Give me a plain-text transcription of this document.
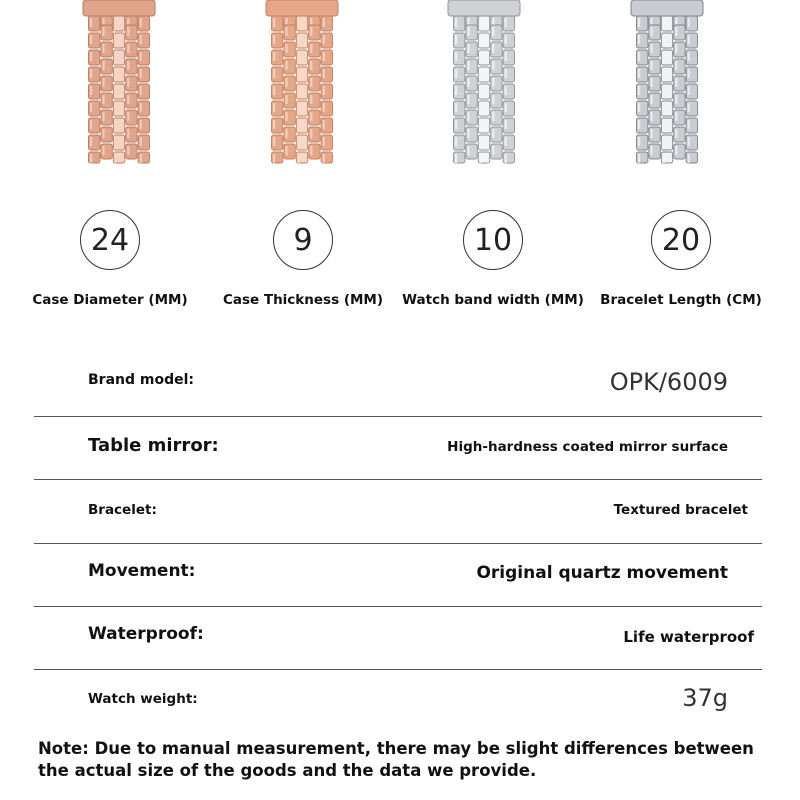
24
Case Diameter (MM)
9
Case Thickness (MM)
10
Watch band width (MM)
20
Bracelet Length (CM)
Brand model:	OPK/6009
Table mirror:	High-hardness coated mirror surface
Bracelet:	Textured bracelet
Movement:	Original quartz movement
Waterproof:	Life waterproof
Watch weight:	37g
Note: Due to manual measurement, there may be slight differences between the actual size of the goods and the data we provide.
